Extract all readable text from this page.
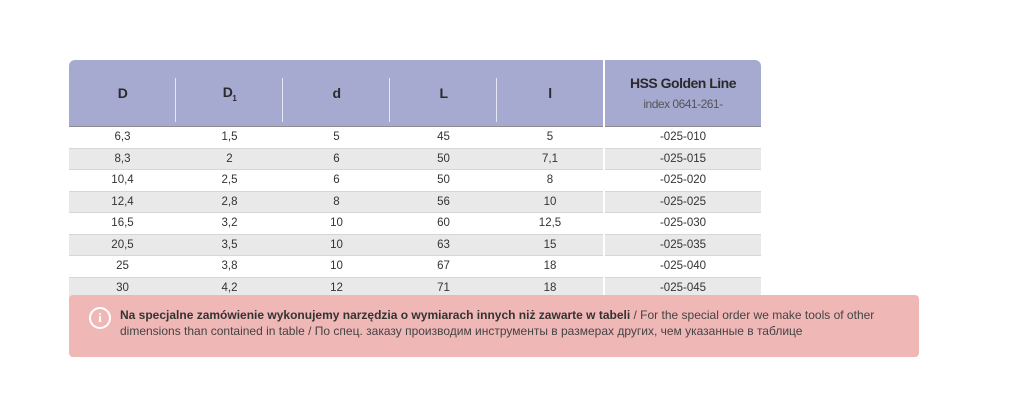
D	$D_1$	d	L	l	HSS Golden Line
index 0641-261-

6,3	1,5	5	45	5	-025-010
8,3	2	6	50	7,1	-025-015
10,4	2,5	6	50	8	-025-020
12,4	2,8	8	56	10	-025-025
16,5	3,2	10	60	12,5	-025-030
20,5	3,5	10	63	15	-025-035
25	3,8	10	67	18	-025-040
30	4,2	12	71	18	-025-045
i	Na specjalne zamówienie wykonujemy narzędzia o wymiarach innych niż zawarte w tabeli / For the special order we make tools of other dimensions than contained in table / По спец. заказу производим инструменты в размерах других, чем указанные в таблице
